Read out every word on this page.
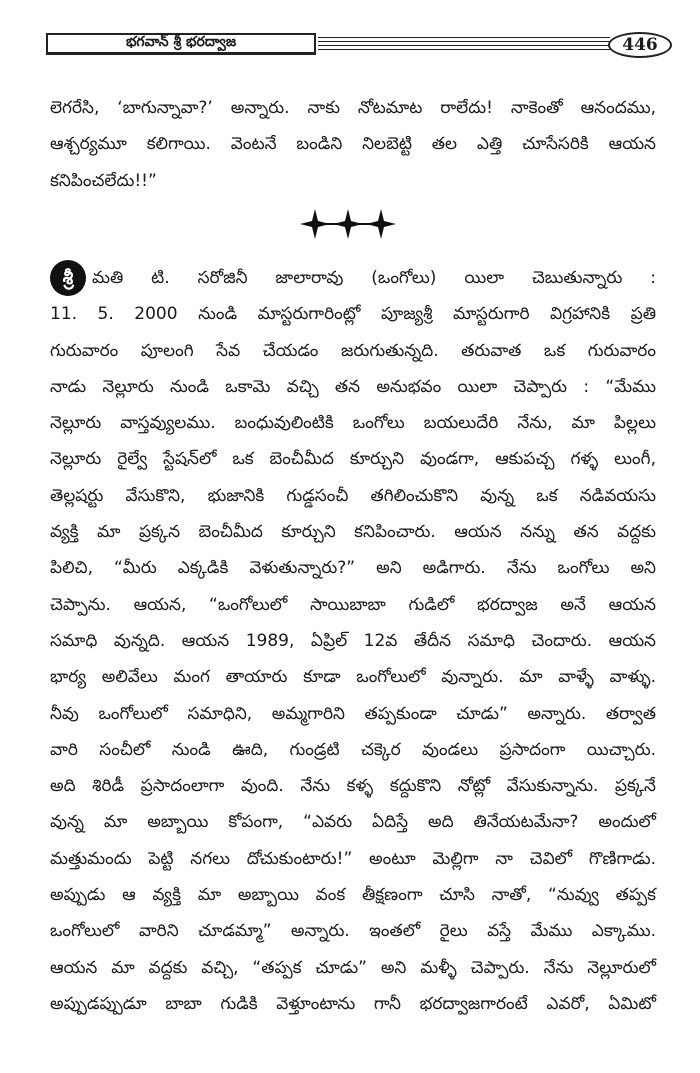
భగవాన్ శ్రీ భరద్వాజ	446
లెగరేసి, ‘బాగున్నావా?’ అన్నారు. నాకు నోటమాట రాలేదు! నాకెంతో ఆనందము,
ఆశ్చర్యమూ కలిగాయి. వెంటనే బండిని నిలబెట్టి తల ఎత్తి చూసేసరికి ఆయన
కనిపించలేదు!!”
శ్రీ	మతి టి. సరోజినీ జాలారావు (ఒంగోలు) యిలా చెబుతున్నారు :
11. 5. 2000 నుండి మాస్టరుగారింట్లో పూజ్యశ్రీ మాస్టరుగారి విగ్రహానికి ప్రతి
గురువారం పూలంగి సేవ చేయడం జరుగుతున్నది. తరువాత ఒక గురువారం
నాడు నెల్లూరు నుండి ఒకామె వచ్చి తన అనుభవం యిలా చెప్పారు : “మేము
నెల్లూరు వాస్తవ్యులము. బంధువులింటికి ఒంగోలు బయలుదేరి నేను, మా పిల్లలు
నెల్లూరు రైల్వే స్టేషన్‌లో ఒక బెంచీమీద కూర్చుని వుండగా, ఆకుపచ్చ గళ్ళ లుంగీ,
తెల్లషర్టు వేసుకొని, భుజానికి గుడ్డసంచీ తగిలించుకొని వున్న ఒక నడివయసు
వ్యక్తి మా ప్రక్కన బెంచీమీద కూర్చుని కనిపించారు. ఆయన నన్ను తన వద్దకు
పిలిచి, “మీరు ఎక్కడికి వెళుతున్నారు?” అని అడిగారు. నేను ఒంగోలు అని
చెప్పాను. ఆయన, “ఒంగోలులో సాయిబాబా గుడిలో భరద్వాజ అనే ఆయన
సమాధి వున్నది. ఆయన 1989, ఏప్రిల్ 12వ తేదీన సమాధి చెందారు. ఆయన
భార్య అలివేలు మంగ తాయారు కూడా ఒంగోలులో వున్నారు. మా వాళ్ళే వాళ్ళు.
నీవు ఒంగోలులో సమాధిని, అమ్మగారిని తప్పకుండా చూడు” అన్నారు. తర్వాత
వారి సంచీలో నుండి ఊది, గుండ్రటి చక్కెర వుండలు ప్రసాదంగా యిచ్చారు.
అది శిరిడీ ప్రసాదంలాగా వుంది. నేను కళ్ళ కద్దుకొని నోట్లో వేసుకున్నాను. ప్రక్కనే
వున్న మా అబ్బాయి కోపంగా, “ఎవరు ఏదిస్తే అది తినేయటమేనా? అందులో
మత్తుమందు పెట్టి నగలు దోచుకుంటారు!” అంటూ మెల్లిగా నా చెవిలో గొణిగాడు.
అప్పుడు ఆ వ్యక్తి మా అబ్బాయి వంక తీక్షణంగా చూసి నాతో, “నువ్వు తప్పక
ఒంగోలులో వారిని చూడమ్మా” అన్నారు. ఇంతలో రైలు వస్తే మేము ఎక్కాము.
ఆయన మా వద్దకు వచ్చి, “తప్పక చూడు” అని మళ్ళీ చెప్పారు. నేను నెల్లూరులో
అప్పుడప్పుడూ బాబా గుడికి వెళ్తూంటాను గానీ భరద్వాజగారంటే ఎవరో, ఏమిటో
